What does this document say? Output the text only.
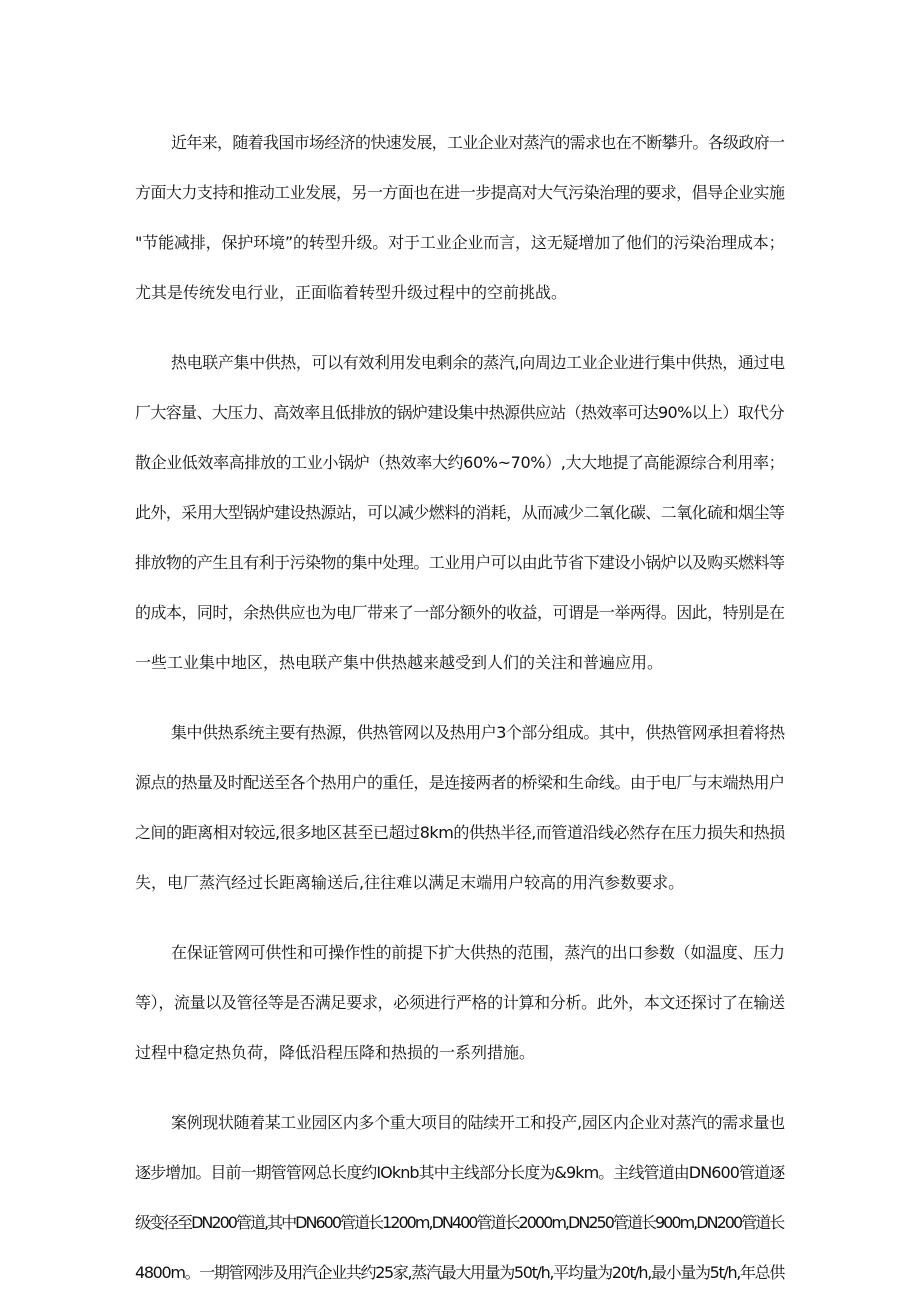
近年来，随着我国市场经济的快速发展，工业企业对蒸汽的需求也在不断攀升。各级政府一
方面大力支持和推动工业发展，另一方面也在进一步提高对大气污染治理的要求，倡导企业实施
"节能减排，保护环境”的转型升级。对于工业企业而言，这无疑增加了他们的污染治理成本；
尤其是传统发电行业，正面临着转型升级过程中的空前挑战。
热电联产集中供热，可以有效利用发电剩余的蒸汽,向周边工业企业进行集中供热，通过电
厂大容量、大压力、高效率且低排放的锅炉建设集中热源供应站（热效率可达90%以上）取代分
散企业低效率高排放的工业小锅炉（热效率大约60%~70%）,大大地提了高能源综合利用率；
此外，采用大型锅炉建设热源站，可以减少燃料的消耗，从而减少二氧化碳、二氧化硫和烟尘等
排放物的产生且有利于污染物的集中处理。工业用户可以由此节省下建设小锅炉以及购买燃料等
的成本，同时，余热供应也为电厂带来了一部分额外的收益，可谓是一举两得。因此，特别是在
一些工业集中地区，热电联产集中供热越来越受到人们的关注和普遍应用。
集中供热系统主要有热源，供热管网以及热用户3个部分组成。其中，供热管网承担着将热
源点的热量及时配送至各个热用户的重任，是连接两者的桥梁和生命线。由于电厂与末端热用户
之间的距离相对较远,很多地区甚至已超过8km的供热半径,而管道沿线必然存在压力损失和热损
失，电厂蒸汽经过长距离输送后,往往难以满足末端用户较高的用汽参数要求。
在保证管网可供性和可操作性的前提下扩大供热的范围，蒸汽的出口参数（如温度、压力
等），流量以及管径等是否满足要求，必须进行严格的计算和分析。此外，本文还探讨了在输送
过程中稳定热负荷，降低沿程压降和热损的一系列措施。
案例现状随着某工业园区内多个重大项目的陆续开工和投产,园区内企业对蒸汽的需求量也
逐步增加。目前一期管管网总长度约IOknb其中主线部分长度为&9km。主线管道由DN600管道逐
级变径至DN200管道,其中DN600管道长1200m,DN400管道长2000m,DN250管道长900m,DN200管道长
4800m。一期管网涉及用汽企业共约25家,蒸汽最大用量为50t/h,平均量为20t/h,最小量为5t/h,年总供
